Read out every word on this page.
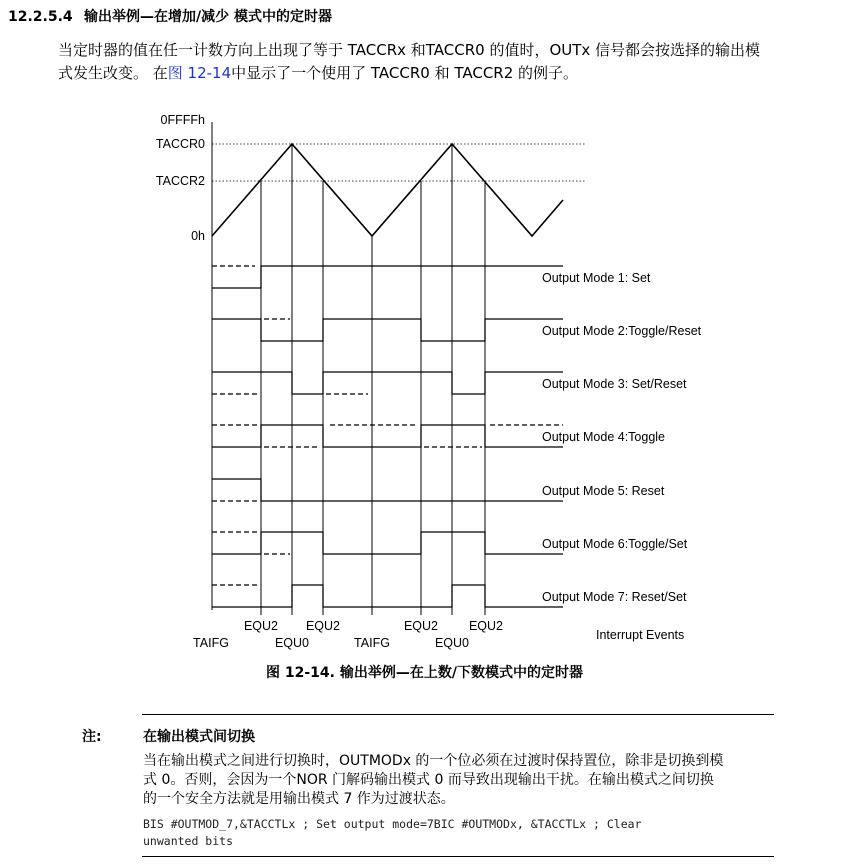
12.2.5.4 输出举例—在增加/减少 模式中的定时器

当定时器的值在任一计数方向上出现了等于 TACCRx 和TACCR0 的值时，OUTx 信号都会按选择的输出模

式发生改变。 在图 12-14中显示了一个使用了 TACCR0 和 TACCR2 的例子。

0FFFFh
TACCR0
TACCR2
0h
Output Mode 1: Set
Output Mode 2:Toggle/Reset
Output Mode 3: Set/Reset
Output Mode 4:Toggle
Output Mode 5: Reset
Output Mode 6:Toggle/Set
Output Mode 7: Reset/Set
EQU2 EQU2	EQU2 EQU2
TAIFG	EQU0	TAIFG	EQU0
Interrupt Events
图 12-14. 输出举例—在上数/下数模式中的定时器
注:	在输出模式间切换

当在输出模式之间进行切换时，OUTMODx 的一个位必须在过渡时保持置位，除非是切换到模

式 0。否则，会因为一个NOR 门解码输出模式 0 而导致出现输出干扰。在输出模式之间切换

的一个安全方法就是用输出模式 7 作为过渡状态。

BIS #OUTMOD_7,&TACCTLx ; Set output mode=7BIC #OUTMODx, &TACCTLx ; Clear

unwanted bits
